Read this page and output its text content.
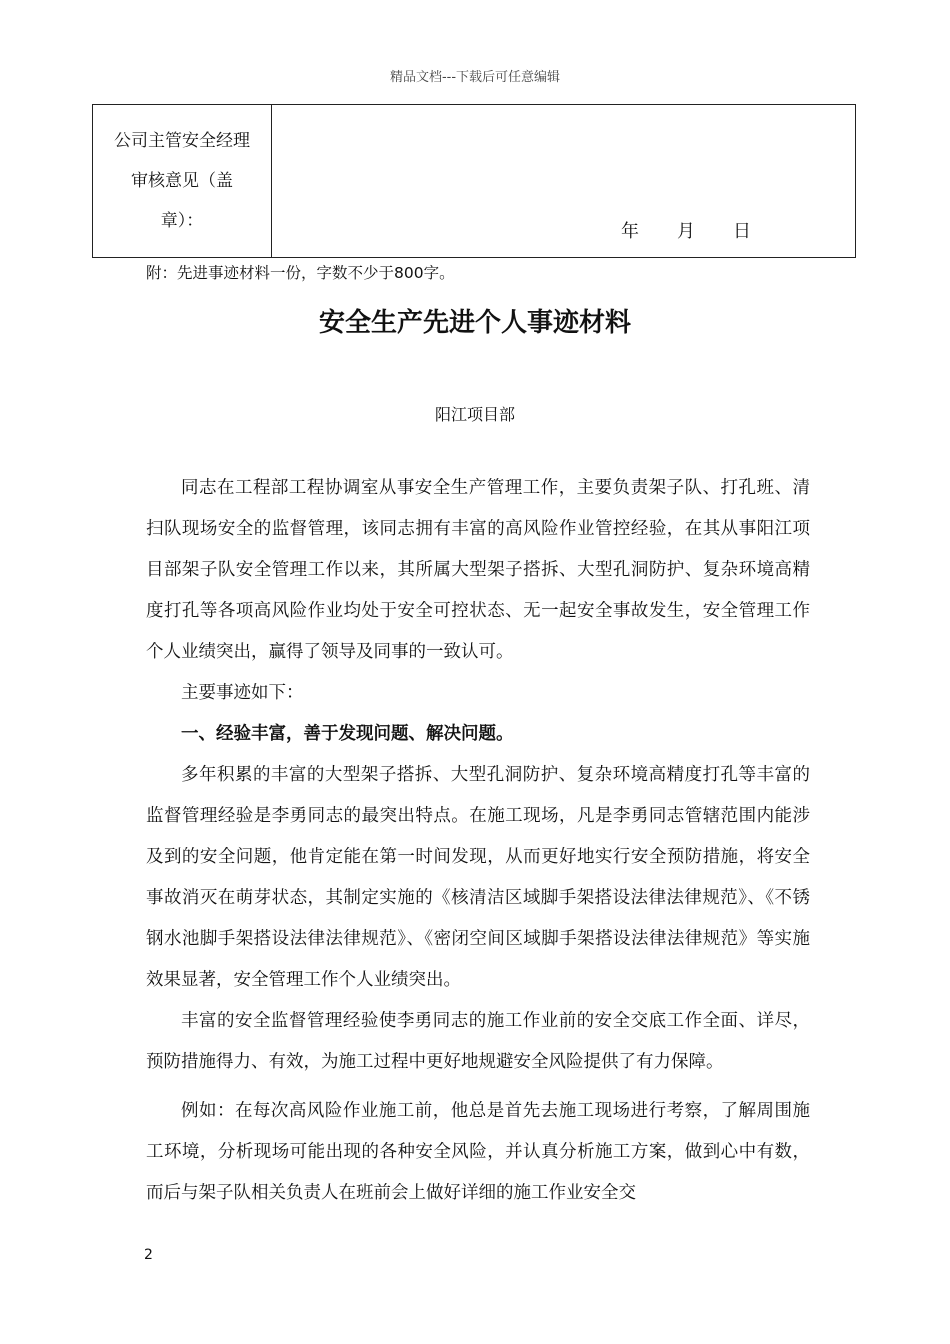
精品文档---下载后可任意编辑
公司主管安全经理
审核意见（盖
章）：	年 月 日
附：先进事迹材料一份，字数不少于800字。
安全生产先进个人事迹材料
阳江项目部

同志在工程部工程协调室从事安全生产管理工作，主要负责架子队、打孔班、清扫队现场安全的监督管理，该同志拥有丰富的高风险作业管控经验，在其从事阳江项目部架子队安全管理工作以来，其所属大型架子搭拆、大型孔洞防护、复杂环境高精度打孔等各项高风险作业均处于安全可控状态、无一起安全事故发生，安全管理工作个人业绩突出，赢得了领导及同事的一致认可。

主要事迹如下：

一、经验丰富，善于发现问题、解决问题。

多年积累的丰富的大型架子搭拆、大型孔洞防护、复杂环境高精度打孔等丰富的监督管理经验是李勇同志的最突出特点。在施工现场，凡是李勇同志管辖范围内能涉及到的安全问题，他肯定能在第一时间发现，从而更好地实行安全预防措施，将安全事故消灭在萌芽状态，其制定实施的《核清洁区域脚手架搭设法律法律规范》、《不锈钢水池脚手架搭设法律法律规范》、《密闭空间区域脚手架搭设法律法律规范》等实施效果显著，安全管理工作个人业绩突出。

丰富的安全监督管理经验使李勇同志的施工作业前的安全交底工作全面、详尽，预防措施得力、有效，为施工过程中更好地规避安全风险提供了有力保障。

例如：在每次高风险作业施工前，他总是首先去施工现场进行考察，了解周围施工环境，分析现场可能出现的各种安全风险，并认真分析施工方案，做到心中有数，而后与架子队相关负责人在班前会上做好详细的施工作业安全交

2
